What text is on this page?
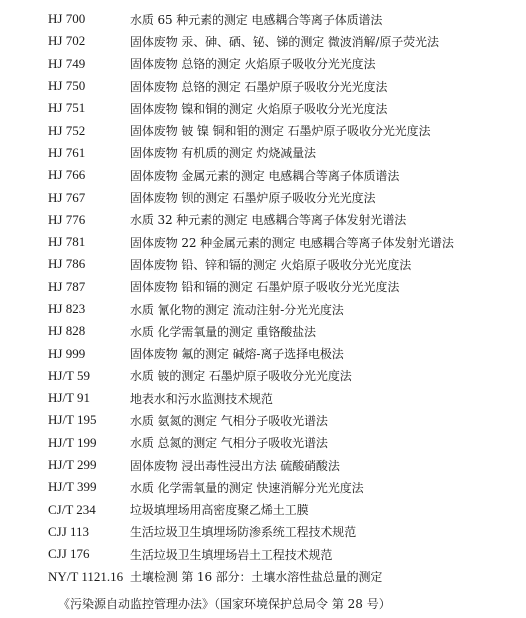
HJ 700	水质 65 种元素的测定 电感耦合等离子体质谱法
HJ 702	固体废物 汞、砷、硒、铋、锑的测定 微波消解/原子荧光法
HJ 749	固体废物 总铬的测定 火焰原子吸收分光光度法
HJ 750	固体废物 总铬的测定 石墨炉原子吸收分光光度法
HJ 751	固体废物 镍和铜的测定 火焰原子吸收分光光度法
HJ 752	固体废物 铍 镍 铜和钼的测定 石墨炉原子吸收分光光度法
HJ 761	固体废物 有机质的测定 灼烧减量法
HJ 766	固体废物 金属元素的测定 电感耦合等离子体质谱法
HJ 767	固体废物 钡的测定 石墨炉原子吸收分光光度法
HJ 776	水质 32 种元素的测定 电感耦合等离子体发射光谱法
HJ 781	固体废物 22 种金属元素的测定 电感耦合等离子体发射光谱法
HJ 786	固体废物 铅、锌和镉的测定 火焰原子吸收分光光度法
HJ 787	固体废物 铅和镉的测定 石墨炉原子吸收分光光度法
HJ 823	水质 氰化物的测定 流动注射-分光光度法
HJ 828	水质 化学需氧量的测定 重铬酸盐法
HJ 999	固体废物 氟的测定 碱熔-离子选择电极法
HJ/T 59	水质 铍的测定 石墨炉原子吸收分光光度法
HJ/T 91	地表水和污水监测技术规范
HJ/T 195	水质 氨氮的测定 气相分子吸收光谱法
HJ/T 199	水质 总氮的测定 气相分子吸收光谱法
HJ/T 299	固体废物 浸出毒性浸出方法 硫酸硝酸法
HJ/T 399	水质 化学需氧量的测定 快速消解分光光度法
CJ/T 234	垃圾填埋场用高密度聚乙烯土工膜
CJJ 113	生活垃圾卫生填埋场防渗系统工程技术规范
CJJ 176	生活垃圾卫生填埋场岩土工程技术规范
NY/T 1121.16 土壤检测 第 16 部分：土壤水溶性盐总量的测定
《污染源自动监控管理办法》（国家环境保护总局令 第 28 号）
